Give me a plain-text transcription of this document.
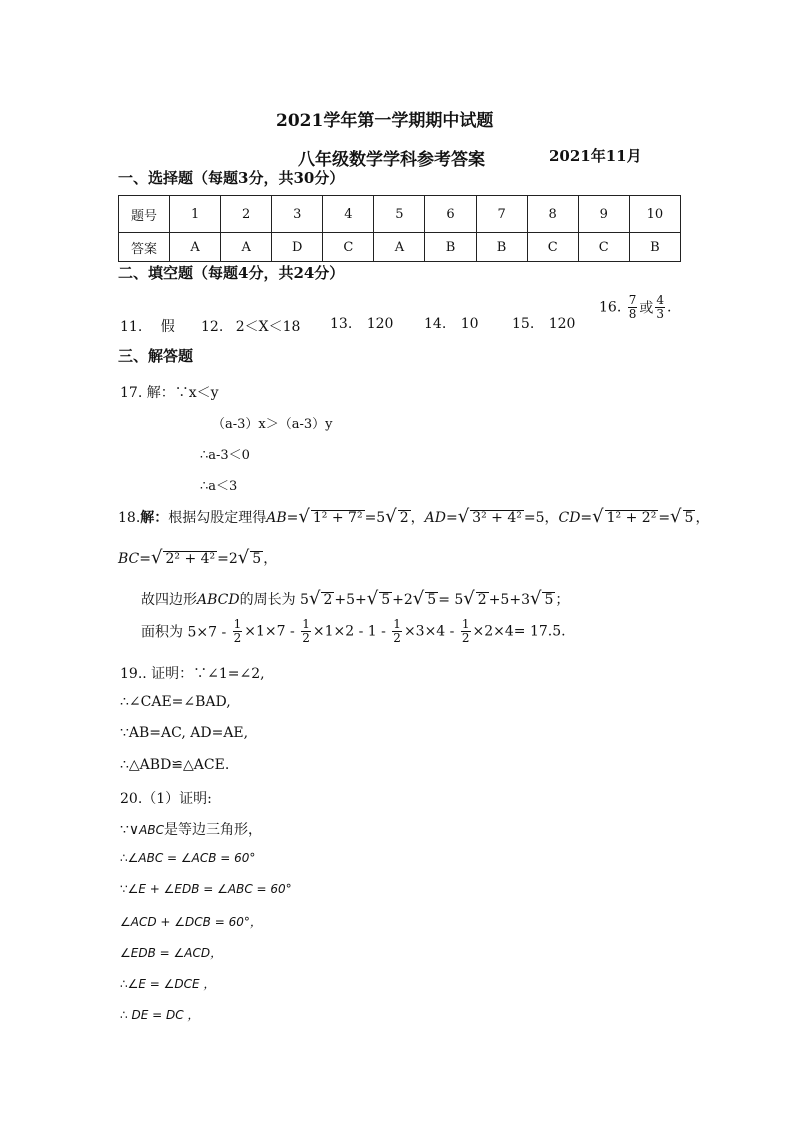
2021学年第一学期期中试题
八年级数学学科参考答案	2021年11月
一、选择题（每题3分，共30分）
题号	1	2	3	4	5	6	7	8	9	10
答案	A	A	D	C	A	B	B	C	C	B
二、填空题（每题4分，共24分）
11. 假 12. 2＜X＜18 13. 120 14. 10 15. 120
16. $\frac{7}{8}$ 或 $\frac{4}{3}$ .
三、解答题
17. 解：∵x＜y
（a-3）x＞（a-3）y
∴a-3＜0
∴a＜3
18.解：根据勾股定理得AB=√ 1² + 7² =5√ 2 ，AD=√ 3² + 4² =5，CD=√ 1² + 2² =√ 5 ，
BC=√ 2² + 4² =2√ 5 ，
故四边形ABCD的周长为 5√ 2 +5+√ 5 +2√ 5 = 5√ 2 +5+3√ 5 ；
面积为 $5\times 7 - \frac{1}{2} \times 1\times 7 - \frac{1}{2} \times 1\times 2 - 1 - \frac{1}{2} \times 3\times 4 - \frac{1}{2} \times 2\times 4= 17.5$.
19.. 证明：∵∠1=∠2,
∴∠CAE=∠BAD,
∵AB=AC, AD=AE,
∴△ABD≌△ACE.
20.（1）证明:
∵∨ABC是等边三角形，
∴∠ABC = ∠ACB = 60°
∵∠E + ∠EDB = ∠ABC = 60°
∠ACD + ∠DCB = 60°，
∠EDB = ∠ACD，
∴∠E = ∠DCE ，
∴ DE = DC ，
